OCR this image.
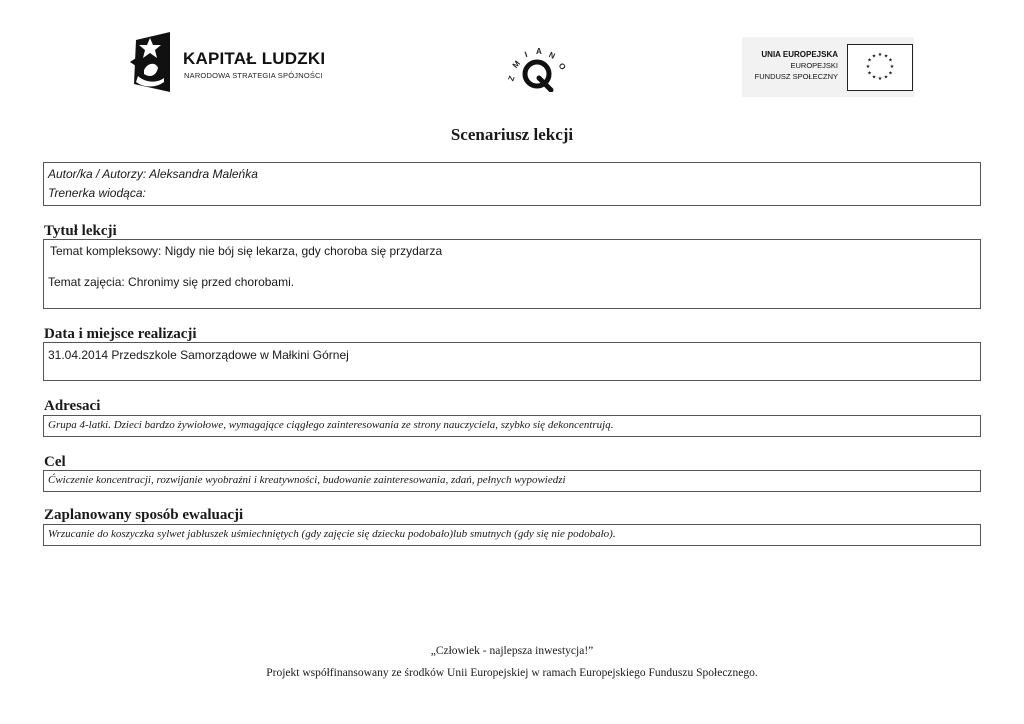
KAPITAŁ LUDZKI
NARODOWA STRATEGIA SPÓJNOŚCI	Z
M
I A N
O
UNIA EUROPEJSKA
EUROPEJSKI
FUNDUSZ SPOŁECZNY
★ ★
★
★
★
★
★
★
★
★
★
★
Scenariusz lekcji
Autor/ka / Autorzy: Aleksandra Maleńka
Trenerka wiodąca:
Tytuł lekcji
Temat kompleksowy: Nigdy nie bój się lekarza, gdy choroba się przydarza
Temat zajęcia: Chronimy się przed chorobami.
Data i miejsce realizacji
31.04.2014 Przedszkole Samorządowe w Małkini Górnej
Adresaci
Grupa 4-latki. Dzieci bardzo żywiołowe, wymagające ciągłego zainteresowania ze strony nauczyciela, szybko się dekoncentrują.
Cel
Ćwiczenie koncentracji, rozwijanie wyobraźni i kreatywności, budowanie zainteresowania, zdań, pełnych wypowiedzi
Zaplanowany sposób ewaluacji
Wrzucanie do koszyczka sylwet jabłuszek uśmiechniętych (gdy zajęcie się dziecku podobało)lub smutnych (gdy się nie podobało).
„Człowiek - najlepsza inwestycja!”
Projekt współfinansowany ze środków Unii Europejskiej w ramach Europejskiego Funduszu Społecznego.
